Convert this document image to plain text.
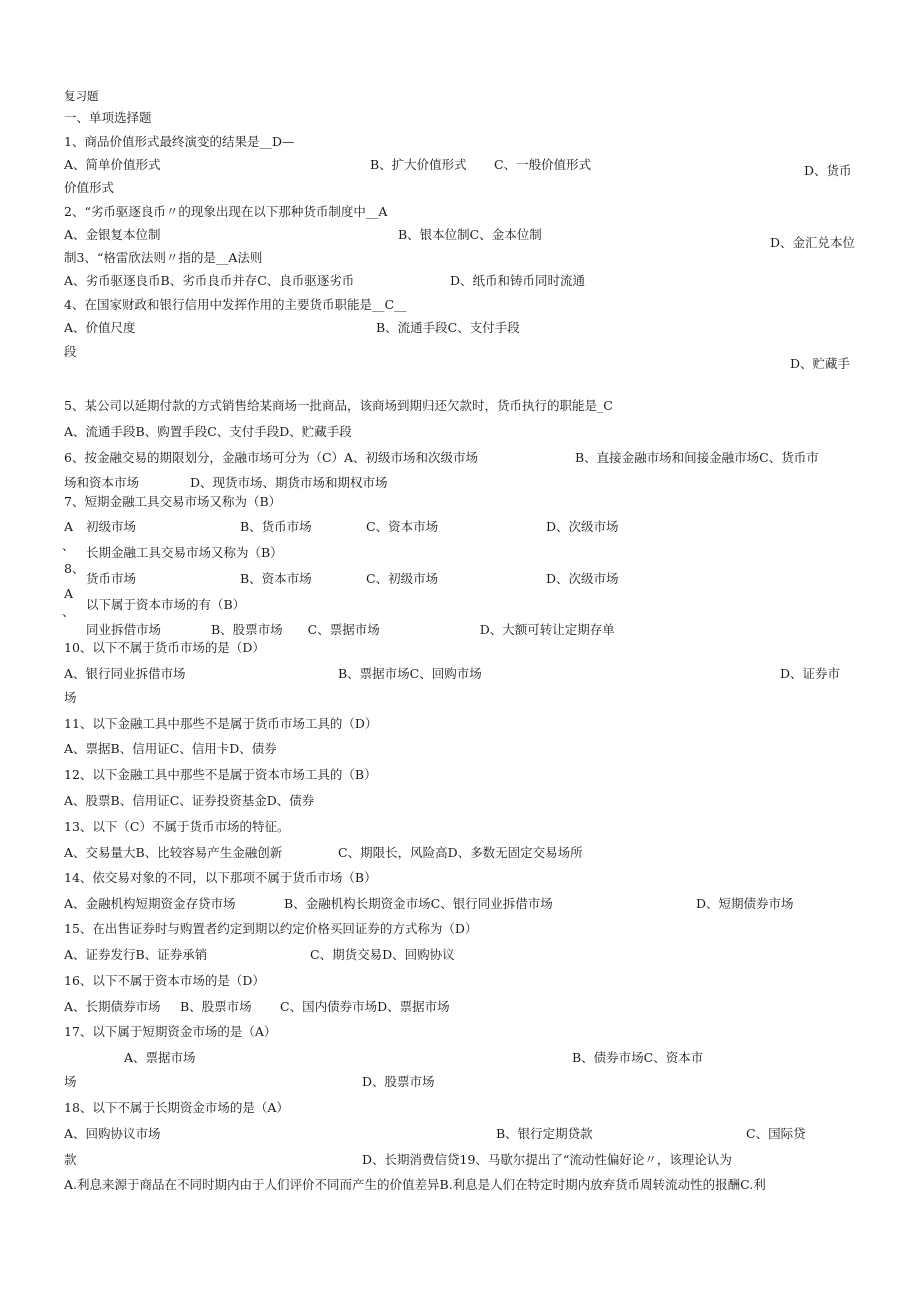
复习题
一、单项选择题
1、商品价值形式最终演变的结果是__D—
A、简单价值形式	B、扩大价值形式 C、一般价值形式	D、货币
价值形式
2、“劣币驱逐良币〃的现象出现在以下那种货币制度中__A
A、金银复本位制	B、银本位制C、金本位制
D、金汇兑本位
制3、“格雷欣法则〃指的是__A法则
A、劣币驱逐良币B、劣币良币并存C、良币驱逐劣币	D、纸币和铸币同时流通
4、在国家财政和银行信用中发挥作用的主要货币职能是__C__
A、价值尺度	B、流通手段C、支付手段
段
D、贮藏手
5、某公司以延期付款的方式销售给某商场一批商品，该商场到期归还欠款时，货币执行的职能是_C
A、流通手段B、购置手段C、支付手段D、贮藏手段
6、按金融交易的期限划分，金融市场可分为（C）A、初级市场和次级市场	B、直接金融市场和间接金融市场C、货币市
场和资本市场	D、现货市场、期货市场和期权市场
7、短期金融工具交易市场又称为（B）
A 初级市场	B、货币市场	C、资本市场	D、次级市场
、 长期金融工具交易市场又称为（B）
8、
货币市场	B、资本市场	C、初级市场	D、次级市场
A
以下属于资本市场的有（B）
、
同业拆借市场　　　　B、股票市场　　C、票据市场　　　　　　　　D、大额可转让定期存单
10、以下不属于货币市场的是（D）
A、银行同业拆借市场	B、票据市场C、回购市场	D、证券市
场
11、以下金融工具中那些不是属于货币市场工具的（D）
A、票据B、信用证C、信用卡D、债券
12、以下金融工具中那些不是属于资本市场工具的（B）
A、股票B、信用证C、证券投资基金D、债券
13、以下（C）不属于货币市场的特征。
A、交易量大B、比较容易产生金融创新	C、期限长，风险高D、多数无固定交易场所
14、依交易对象的不同，以下那项不属于货币市场（B）
A、金融机构短期资金存贷市场	B、金融机构长期资金市场C、银行同业拆借市场	D、短期债券市场
15、在出售证券时与购置者约定到期以约定价格买回证券的方式称为（D）
A、证券发行B、证券承销	C、期货交易D、回购协议
16、以下不属于资本市场的是（D）
A、长期债券市场 B、股票市场 C、国内债券市场D、票据市场
17、以下属于短期资金市场的是（A）
A、票据市场	B、债券市场C、资本市
场	D、股票市场
18、以下不属于长期资金市场的是（A）
A、回购协议市场	B、银行定期贷款	C、国际贷
款	D、长期消费信贷19、马歇尔提出了“流动性偏好论〃，该理论认为
A.利息来源于商品在不同时期内由于人们评价不同而产生的价值差异B.利息是人们在特定时期内放弃货币周转流动性的报酬C.利
